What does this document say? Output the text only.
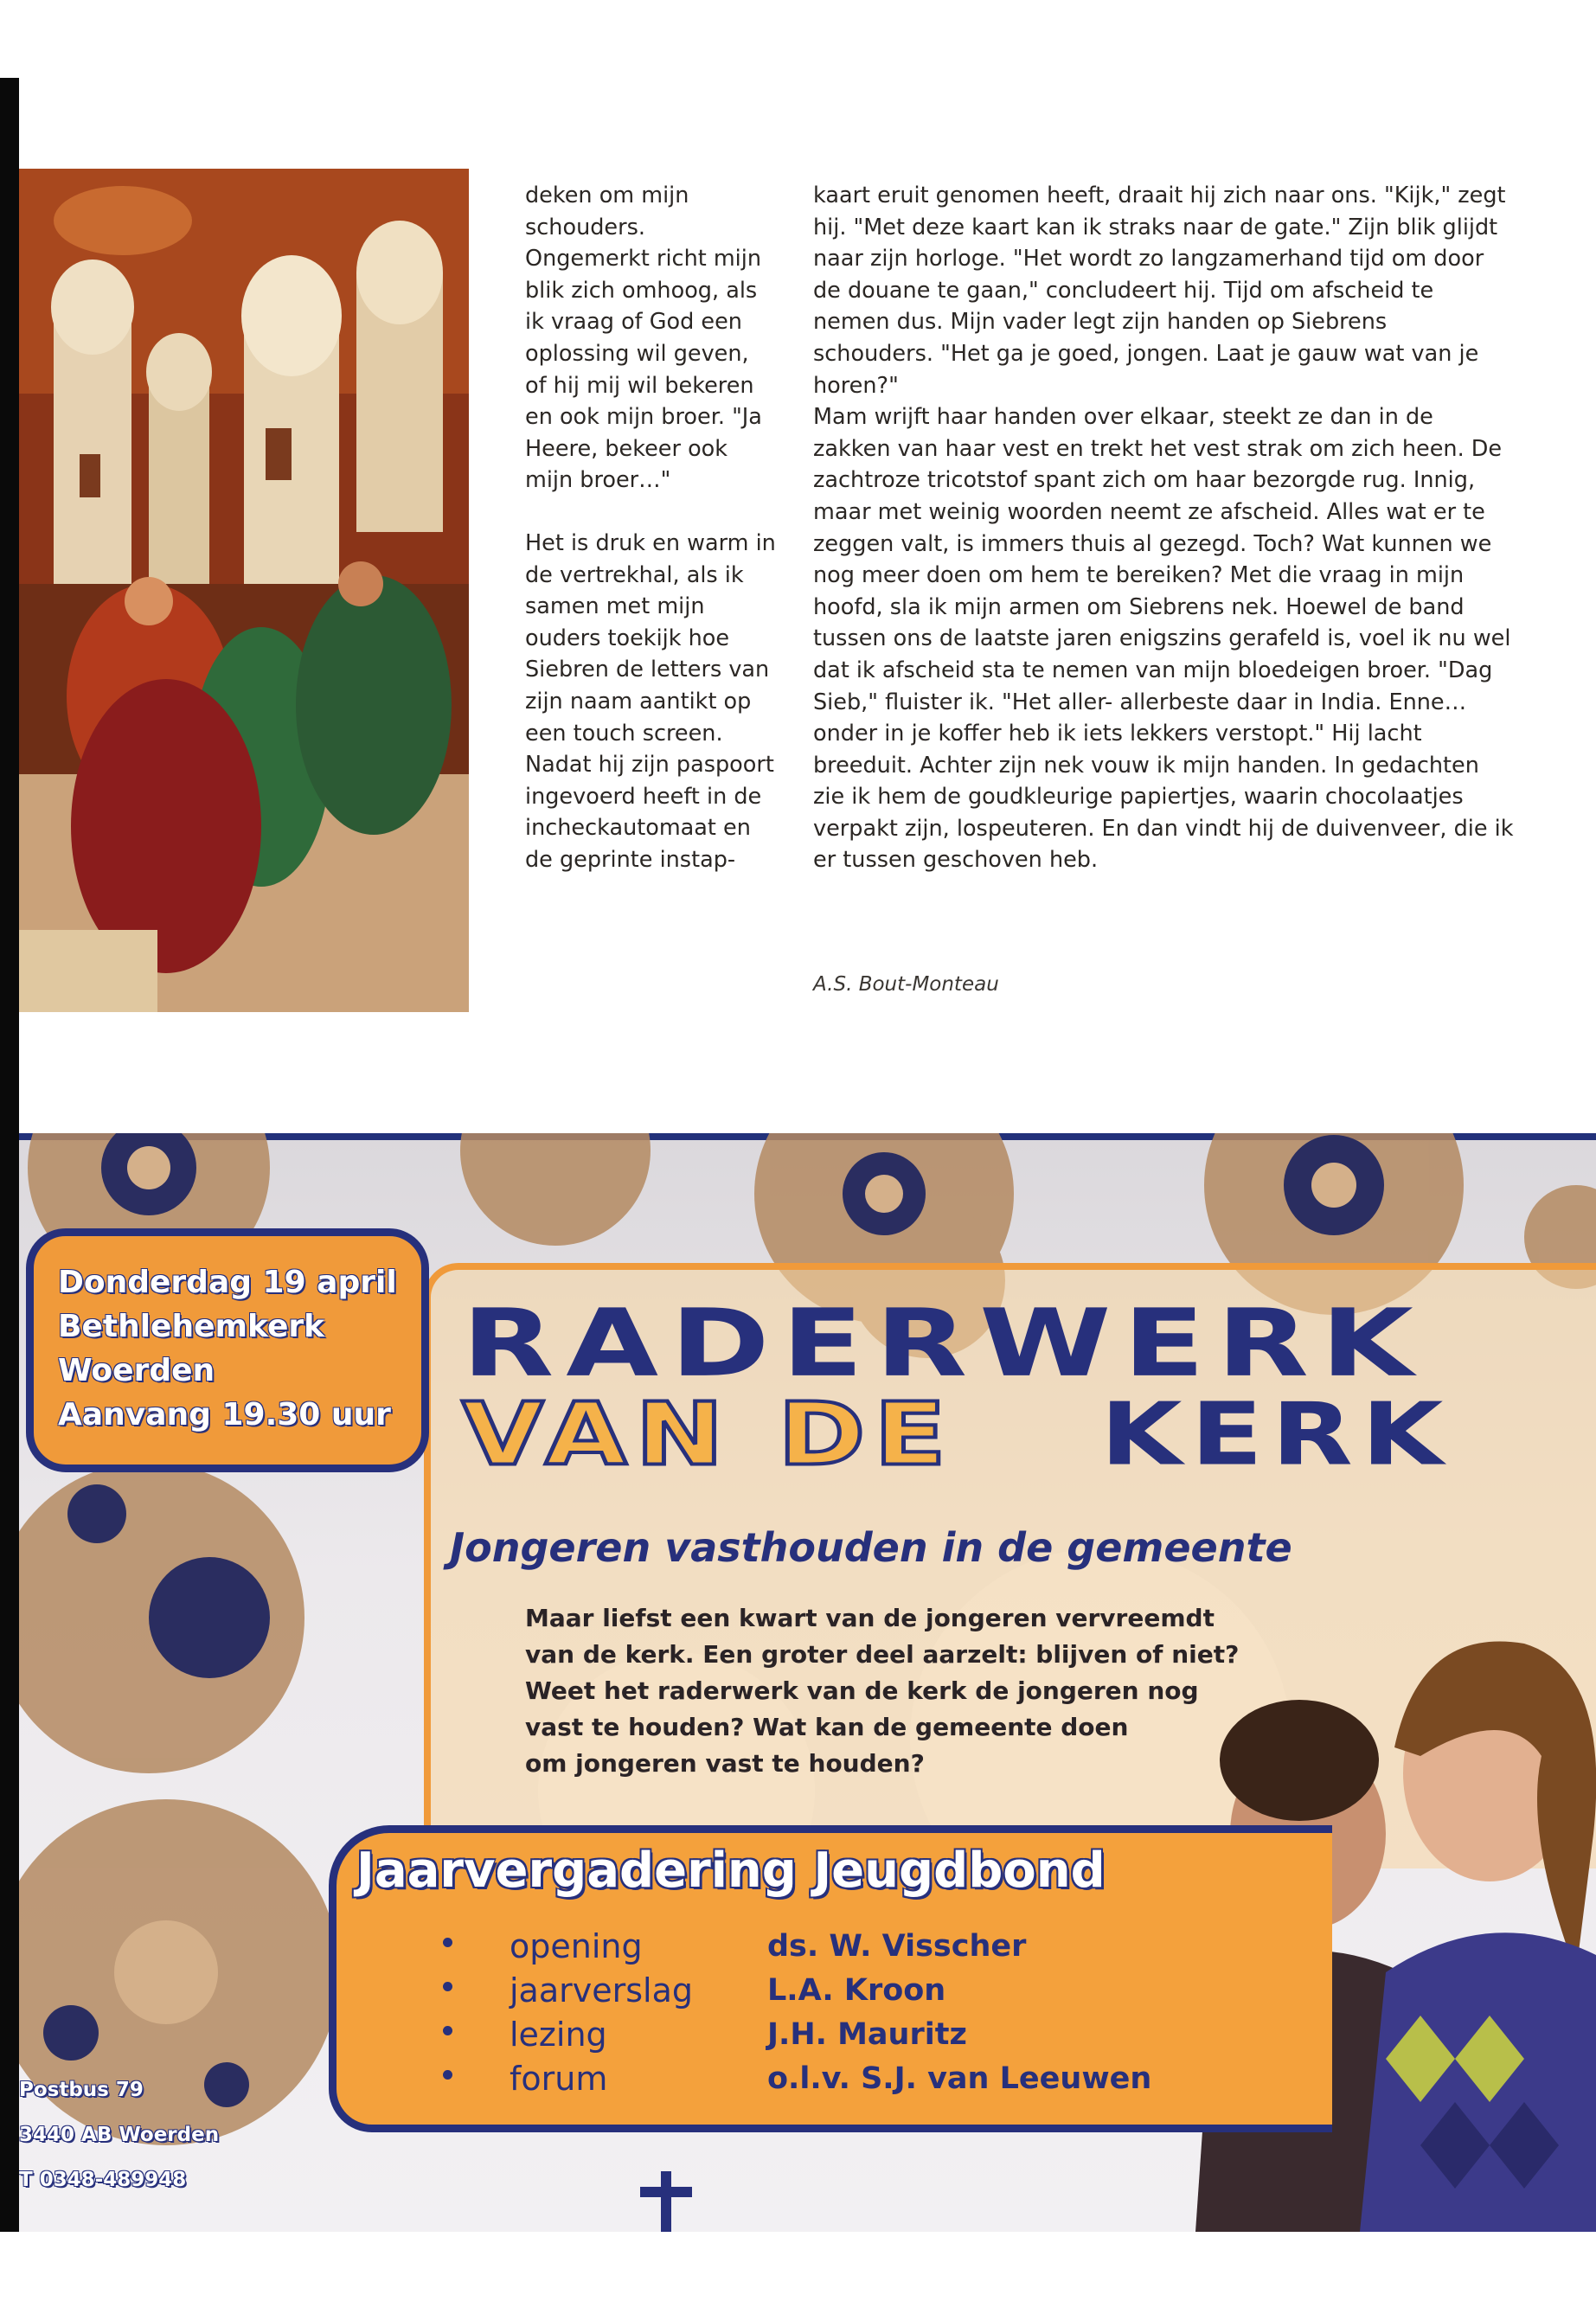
deken om mijn schouders. Ongemerkt richt mijn blik zich omhoog, als ik vraag of God een oplossing wil geven, of hij mij wil bekeren en ook mijn broer. "Ja Heere, bekeer ook mijn broer…"

Het is druk en warm in de vertrekhal, als ik samen met mijn ouders toekijk hoe Siebren de letters van zijn naam aantikt op een touch screen. Nadat hij zijn paspoort ingevoerd heeft in de incheckautomaat en de geprinte instap-

kaart eruit genomen heeft, draait hij zich naar ons. "Kijk," zegt hij. "Met deze kaart kan ik straks naar de gate." Zijn blik glijdt naar zijn horloge. "Het wordt zo langzamerhand tijd om door de douane te gaan," concludeert hij. Tijd om afscheid te nemen dus. Mijn vader legt zijn handen op Siebrens schouders. "Het ga je goed, jongen. Laat je gauw wat van je horen?"

Mam wrijft haar handen over elkaar, steekt ze dan in de zakken van haar vest en trekt het vest strak om zich heen. De zachtroze tricotstof spant zich om haar bezorgde rug. Innig, maar met weinig woorden neemt ze afscheid. Alles wat er te zeggen valt, is immers thuis al gezegd. Toch? Wat kunnen we nog meer doen om hem te bereiken? Met die vraag in mijn hoofd, sla ik mijn armen om Siebrens nek. Hoewel de band tussen ons de laatste jaren enigszins gerafeld is, voel ik nu wel dat ik afscheid sta te nemen van mijn bloedeigen broer. "Dag Sieb," fluister ik. "Het aller- allerbeste daar in India. Enne… onder in je koffer heb ik iets lekkers verstopt." Hij lacht breeduit. Achter zijn nek vouw ik mijn handen. In gedachten zie ik hem de goudkleurige papiertjes, waarin chocolaatjes verpakt zijn, lospeuteren. En dan vindt hij de duivenveer, die ik er tussen geschoven heb.

A.S. Bout-Monteau
Donderdag 19 april
Bethlehemkerk
Woerden
Aanvang 19.30 uur
RADERWERK
VAN DE KERK
Jongeren vasthouden in de gemeente
Maar liefst een kwart van de jongeren vervreemdt
van de kerk. Een groter deel aarzelt: blijven of niet?
Weet het raderwerk van de kerk de jongeren nog
vast te houden? Wat kan de gemeente doen
om jongeren vast te houden?
Jaarvergadering Jeugdbond
opening	ds. W. Visscher
jaarverslag L.A. Kroon
lezing	J.H. Mauritz
forum	o.l.v. S.J. van Leeuwen
Postbus 79
3440 AB Woerden
T 0348-489948
